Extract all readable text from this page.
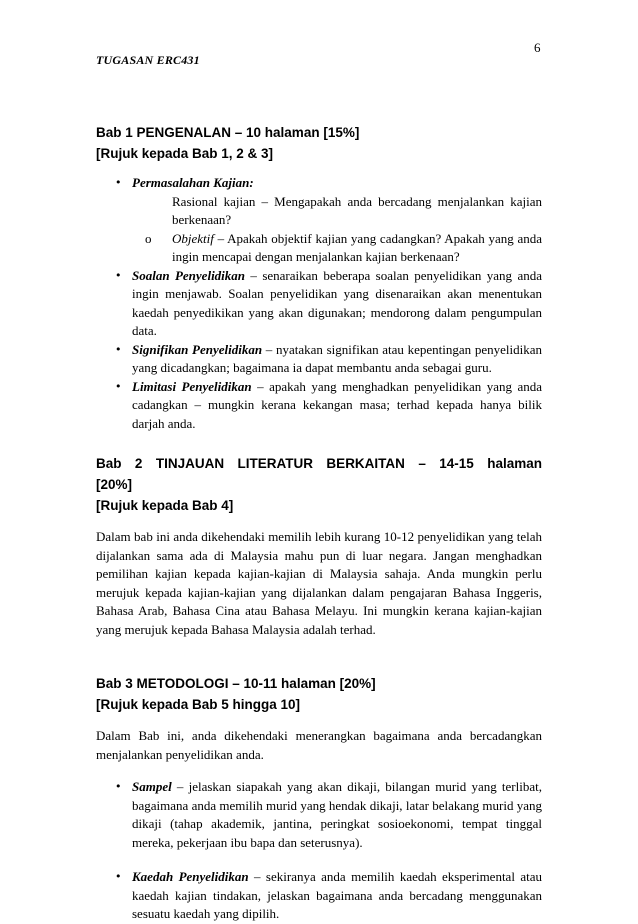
6
TUGASAN ERC431

Bab 1 PENGENALAN – 10 halaman [15%]

[Rujuk kepada Bab 1, 2 & 3]

• Permasalahan Kajian:
Rasional kajian – Mengapakah anda bercadang menjalankan kajian berkenaan?
o Objektif – Apakah objektif kajian yang cadangkan? Apakah yang anda ingin mencapai dengan menjalankan kajian berkenaan?
• Soalan Penyelidikan – senaraikan beberapa soalan penyelidikan yang anda ingin menjawab. Soalan penyelidikan yang disenaraikan akan menentukan kaedah penyedikikan yang akan digunakan; mendorong dalam pengumpulan data.
• Signifikan Penyelidikan – nyatakan signifikan atau kepentingan penyelidikan yang dicadangkan; bagaimana ia dapat membantu anda sebagai guru.
• Limitasi Penyelidikan – apakah yang menghadkan penyelidikan yang anda cadangkan – mungkin kerana kekangan masa; terhad kepada hanya bilik darjah anda.

Bab 2 TINJAUAN LITERATUR BERKAITAN – 14-15 halaman

[20%]

[Rujuk kepada Bab 4]

Dalam bab ini anda dikehendaki memilih lebih kurang 10-12 penyelidikan yang telah dijalankan sama ada di Malaysia mahu pun di luar negara. Jangan menghadkan pemilihan kajian kepada kajian-kajian di Malaysia sahaja. Anda mungkin perlu merujuk kepada kajian-kajian yang dijalankan dalam pengajaran Bahasa Inggeris, Bahasa Arab, Bahasa Cina atau Bahasa Melayu. Ini mungkin kerana kajian-kajian yang merujuk kepada Bahasa Malaysia adalah terhad.

Bab 3 METODOLOGI – 10-11 halaman [20%]

[Rujuk kepada Bab 5 hingga 10]

Dalam Bab ini, anda dikehendaki menerangkan bagaimana anda bercadangkan menjalankan penyelidikan anda.

• Sampel – jelaskan siapakah yang akan dikaji, bilangan murid yang terlibat, bagaimana anda memilih murid yang hendak dikaji, latar belakang murid yang dikaji (tahap akademik, jantina, peringkat sosioekonomi, tempat tinggal mereka, pekerjaan ibu bapa dan seterusnya).
• Kaedah Penyelidikan – sekiranya anda memilih kaedah eksperimental atau kaedah kajian tindakan, jelaskan bagaimana anda bercadang menggunakan sesuatu kaedah yang dipilih.
